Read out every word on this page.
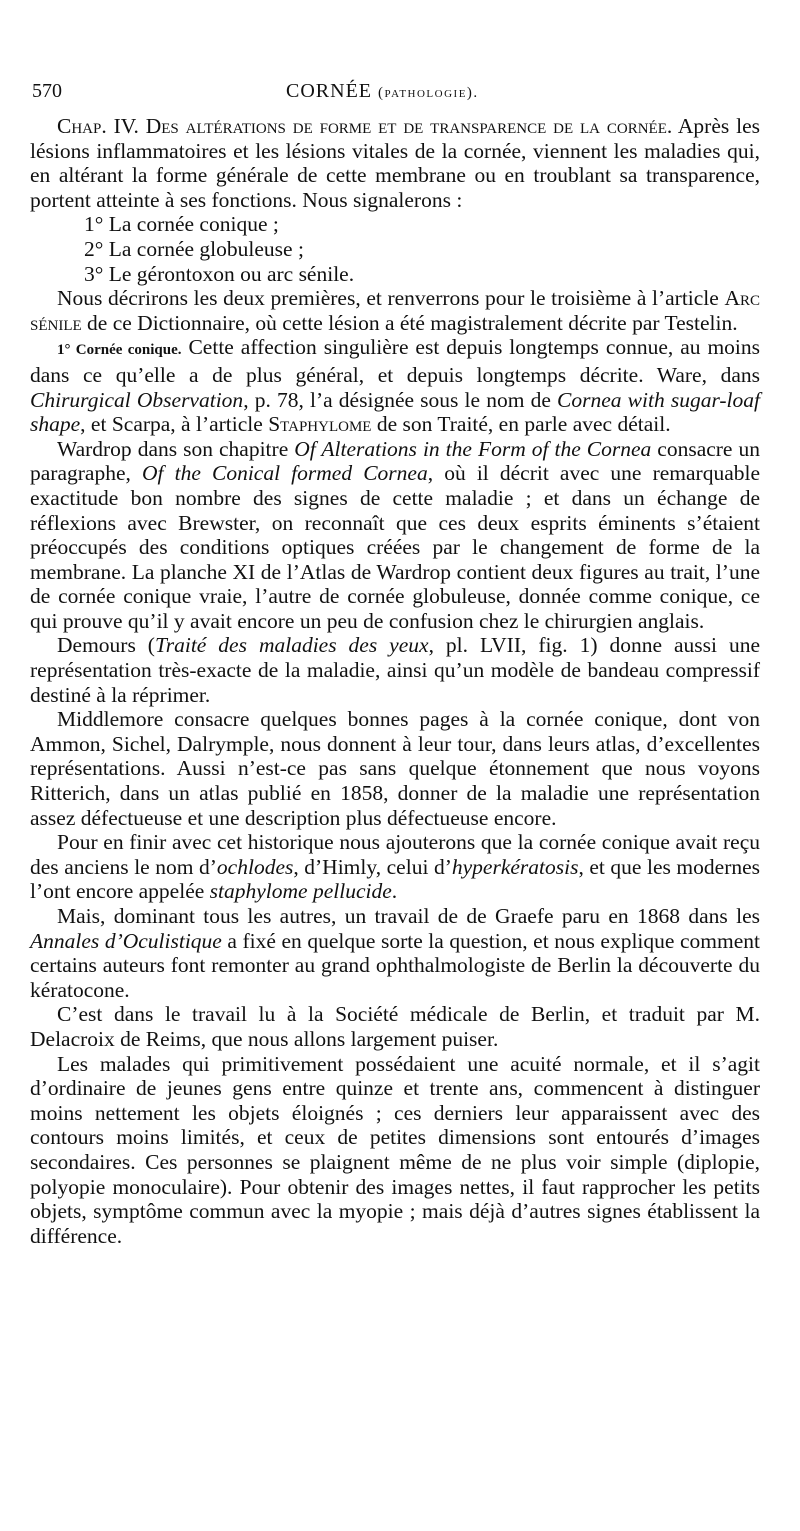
570	CORNÉE (pathologie).

Chap. IV. Des altérations de forme et de transparence de la cornée. Après les lésions inflammatoires et les lésions vitales de la cornée, viennent les maladies qui, en altérant la forme générale de cette membrane ou en troublant sa transparence, portent atteinte à ses fonctions. Nous signalerons :

1° La cornée conique ;

2° La cornée globuleuse ;

3° Le gérontoxon ou arc sénile.

Nous décrirons les deux premières, et renverrons pour le troisième à l’article Arc sénile de ce Dictionnaire, où cette lésion a été magistralement décrite par Testelin.

1° Cornée conique. Cette affection singulière est depuis longtemps connue, au moins dans ce qu’elle a de plus général, et depuis longtemps décrite. Ware, dans Chirurgical Observation, p. 78, l’a désignée sous le nom de Cornea with sugar-loaf shape, et Scarpa, à l’article Staphylome de son Traité, en parle avec détail.

Wardrop dans son chapitre Of Alterations in the Form of the Cornea consacre un paragraphe, Of the Conical formed Cornea, où il décrit avec une remarquable exactitude bon nombre des signes de cette maladie ; et dans un échange de réflexions avec Brewster, on reconnaît que ces deux esprits éminents s’étaient préoccupés des conditions optiques créées par le changement de forme de la membrane. La planche XI de l’Atlas de Wardrop contient deux figures au trait, l’une de cornée conique vraie, l’autre de cornée globuleuse, donnée comme conique, ce qui prouve qu’il y avait encore un peu de confusion chez le chirurgien anglais.

Demours (Traité des maladies des yeux, pl. LVII, fig. 1) donne aussi une représentation très-exacte de la maladie, ainsi qu’un modèle de bandeau compressif destiné à la réprimer.

Middlemore consacre quelques bonnes pages à la cornée conique, dont von Ammon, Sichel, Dalrymple, nous donnent à leur tour, dans leurs atlas, d’excellentes représentations. Aussi n’est-ce pas sans quelque étonnement que nous voyons Ritterich, dans un atlas publié en 1858, donner de la maladie une représentation assez défectueuse et une description plus défectueuse encore.

Pour en finir avec cet historique nous ajouterons que la cornée conique avait reçu des anciens le nom d’ochlodes, d’Himly, celui d’hyperkératosis, et que les modernes l’ont encore appelée staphylome pellucide.

Mais, dominant tous les autres, un travail de de Graefe paru en 1868 dans les Annales d’Oculistique a fixé en quelque sorte la question, et nous explique comment certains auteurs font remonter au grand ophthalmologiste de Berlin la découverte du kératocone.

C’est dans le travail lu à la Société médicale de Berlin, et traduit par M. Delacroix de Reims, que nous allons largement puiser.

Les malades qui primitivement possédaient une acuité normale, et il s’agit d’ordinaire de jeunes gens entre quinze et trente ans, commencent à distinguer moins nettement les objets éloignés ; ces derniers leur apparaissent avec des contours moins limités, et ceux de petites dimensions sont entourés d’images secondaires. Ces personnes se plaignent même de ne plus voir simple (diplopie, polyopie monoculaire). Pour obtenir des images nettes, il faut rapprocher les petits objets, symptôme commun avec la myopie ; mais déjà d’autres signes établissent la différence.
